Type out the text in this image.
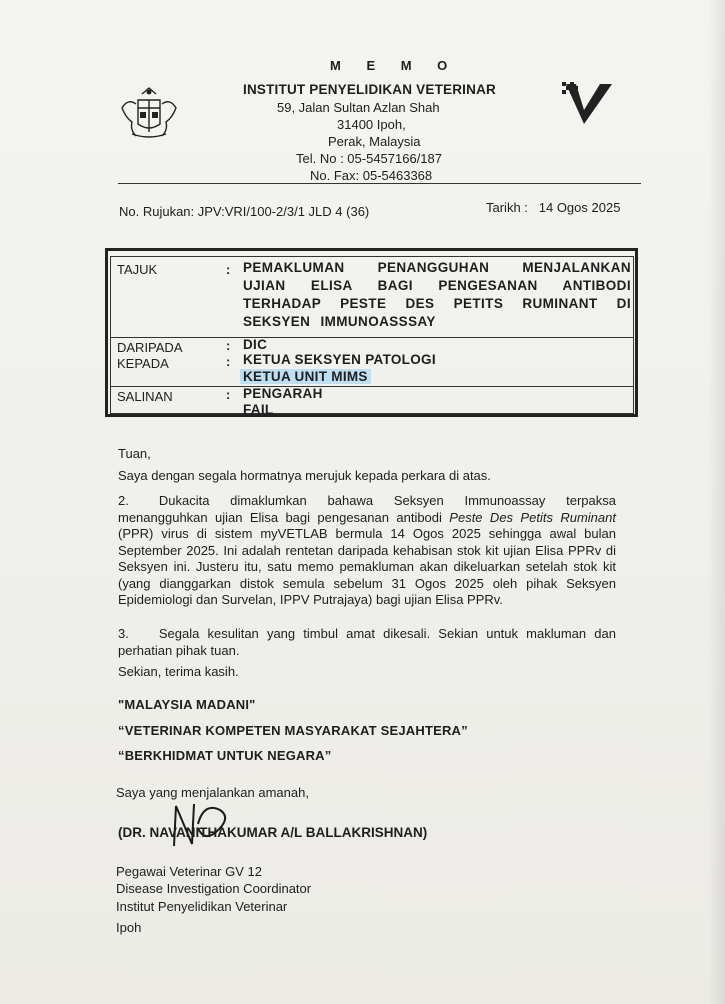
M E M O
INSTITUT PENYELIDIKAN VETERINAR
59, Jalan Sultan Azlan Shah
31400 Ipoh,
Perak, Malaysia
Tel. No : 05-5457166/187
No. Fax: 05-5463368
No. Rujukan: JPV:VRI/100-2/3/1 JLD 4 (36)	Tarikh : 14 Ogos 2025
TAJUK	: PEMAKLUMAN PENANGGUHAN MENJALANKAN UJIAN ELISA BAGI PENGESANAN ANTIBODI TERHADAP PESTE DES PETITS RUMINANT DI SEKSYEN IMMUNOASSSAY
DARIPADA	: DIC
KEPADA	: KETUA SEKSYEN PATOLOGI
KETUA UNIT MIMS
SALINAN	: PENGARAH
FAIL
Tuan,
Saya dengan segala hormatnya merujuk kepada perkara di atas.
2. Dukacita dimaklumkan bahawa Seksyen Immunoassay terpaksa menangguhkan ujian Elisa bagi pengesanan antibodi Peste Des Petits Ruminant (PPR) virus di sistem myVETLAB bermula 14 Ogos 2025 sehingga awal bulan September 2025. Ini adalah rentetan daripada kehabisan stok kit ujian Elisa PPRv di Seksyen ini. Justeru itu, satu memo pemakluman akan dikeluarkan setelah stok kit (yang dianggarkan distok semula sebelum 31 Ogos 2025 oleh pihak Seksyen Epidemiologi dan Survelan, IPPV Putrajaya) bagi ujian Elisa PPRv.
3. Segala kesulitan yang timbul amat dikesali. Sekian untuk makluman dan perhatian pihak tuan.
Sekian, terima kasih.
"MALAYSIA MADANI"
“VETERINAR KOMPETEN MASYARAKAT SEJAHTERA”
“BERKHIDMAT UNTUK NEGARA”
Saya yang menjalankan amanah,
(DR. NAVANITHAKUMAR A/L BALLAKRISHNAN)
Pegawai Veterinar GV 12
Disease Investigation Coordinator
Institut Penyelidikan Veterinar
Ipoh
